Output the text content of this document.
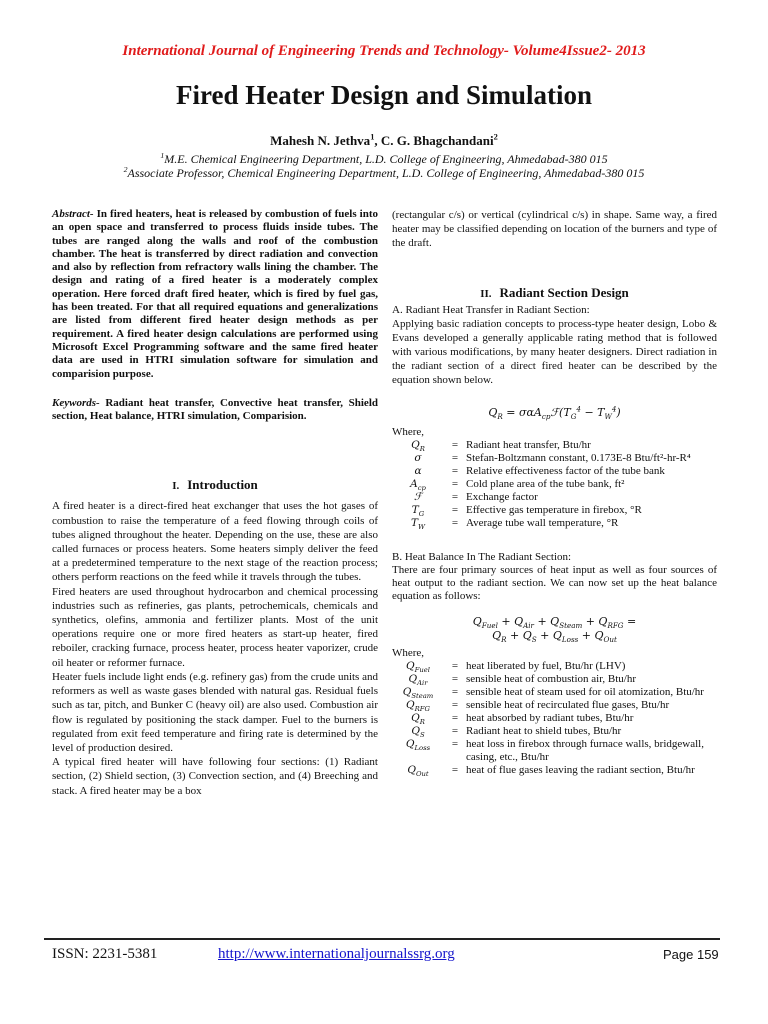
International Journal of Engineering Trends and Technology- Volume4Issue2- 2013
Fired Heater Design and Simulation
Mahesh N. Jethva$^1$, C. G. Bhagchandani$^2$
$^1$M.E. Chemical Engineering Department, L.D. College of Engineering, Ahmedabad-380 015
$^2$Associate Professor, Chemical Engineering Department, L.D. College of Engineering, Ahmedabad-380 015
Abstract- In fired heaters, heat is released by combustion of fuels into an open space and transferred to process fluids inside tubes. The tubes are ranged along the walls and roof of the combustion chamber. The heat is transferred by direct radiation and convection and also by reflection from refractory walls lining the chamber. The design and rating of a fired heater is a moderately complex operation. Here forced draft fired heater, which is fired by fuel gas, has been treated. For that all required equations and generalizations are listed from different fired heater design methods as per requirement. A fired heater design calculations are performed using Microsoft Excel Programming software and the same fired heater data are used in HTRI simulation software for simulation and comparision purpose.
Keywords- Radiant heat transfer, Convective heat transfer, Shield section, Heat balance, HTRI simulation, Comparision.
I. Introduction
A fired heater is a direct-fired heat exchanger that uses the hot gases of combustion to raise the temperature of a feed flowing through coils of tubes aligned throughout the heater. Depending on the use, these are also called furnaces or process heaters. Some heaters simply deliver the feed at a predetermined temperature to the next stage of the reaction process; others perform reactions on the feed while it travels through the tubes.
Fired heaters are used throughout hydrocarbon and chemical processing industries such as refineries, gas plants, petrochemicals, chemicals and synthetics, olefins, ammonia and fertilizer plants. Most of the unit operations require one or more fired heaters as start-up heater, fired reboiler, cracking furnace, process heater, process heater vaporizer, crude oil heater or reformer furnace.
Heater fuels include light ends (e.g. refinery gas) from the crude units and reformers as well as waste gases blended with natural gas. Residual fuels such as tar, pitch, and Bunker C (heavy oil) are also used. Combustion air flow is regulated by positioning the stack damper. Fuel to the burners is regulated from exit feed temperature and firing rate is determined by the level of production desired.
A typical fired heater will have following four sections: (1) Radiant section, (2) Shield section, (3) Convection section, and (4) Breeching and stack. A fired heater may be a box
(rectangular c/s) or vertical (cylindrical c/s) in shape. Same way, a fired heater may be classified depending on location of the burners and type of the draft.
II. Radiant Section Design
A. Radiant Heat Transfer in Radiant Section:
Applying basic radiation concepts to process-type heater design, Lobo & Evans developed a generally applicable rating method that is followed with various modifications, by many heater designers. Direct radiation in the radiant section of a direct fired heater can be described by the equation shown below.
$Q_R$ = $\sigma\alpha A_{cp}ℱ(T_G^4 - T_W^4)$
Where,
$Q_R$	=	Radiant heat transfer, Btu/hr
σ	=	Stefan-Boltzmann constant, 0.173E-8 Btu/ft²-hr-R⁴
α	=	Relative effectiveness factor of the tube bank
$A_{cp}$	=	Cold plane area of the tube bank, ft²
ℱ	=	Exchange factor
$T_G$	=	Effective gas temperature in firebox, °R
$T_W$	=	Average tube wall temperature, °R
B. Heat Balance In The Radiant Section:
There are four primary sources of heat input as well as four sources of heat output to the radiant section. We can now set up the heat balance equation as follows:
$Q_{Fuel} + Q_{Air} + Q_{Steam} + Q_{RFG}$ =
$Q_R + Q_S + Q_{Loss} + Q_{Out}$
Where,
$Q_{Fuel}$	=	heat liberated by fuel, Btu/hr (LHV)
$Q_{Air}$	=	sensible heat of combustion air, Btu/hr
$Q_{Steam}$	=	sensible heat of steam used for oil atomization, Btu/hr
$Q_{RFG}$	=	sensible heat of recirculated flue gases, Btu/hr
$Q_R$	=	heat absorbed by radiant tubes, Btu/hr
$Q_S$	=	Radiant heat to shield tubes, Btu/hr
$Q_{Loss}$	=	heat loss in firebox through furnace walls, bridgewall, casing, etc., Btu/hr
$Q_{Out}$	=	heat of flue gases leaving the radiant section, Btu/hr
ISSN: 2231-5381	http://www.internationaljournalssrg.org	Page 159
